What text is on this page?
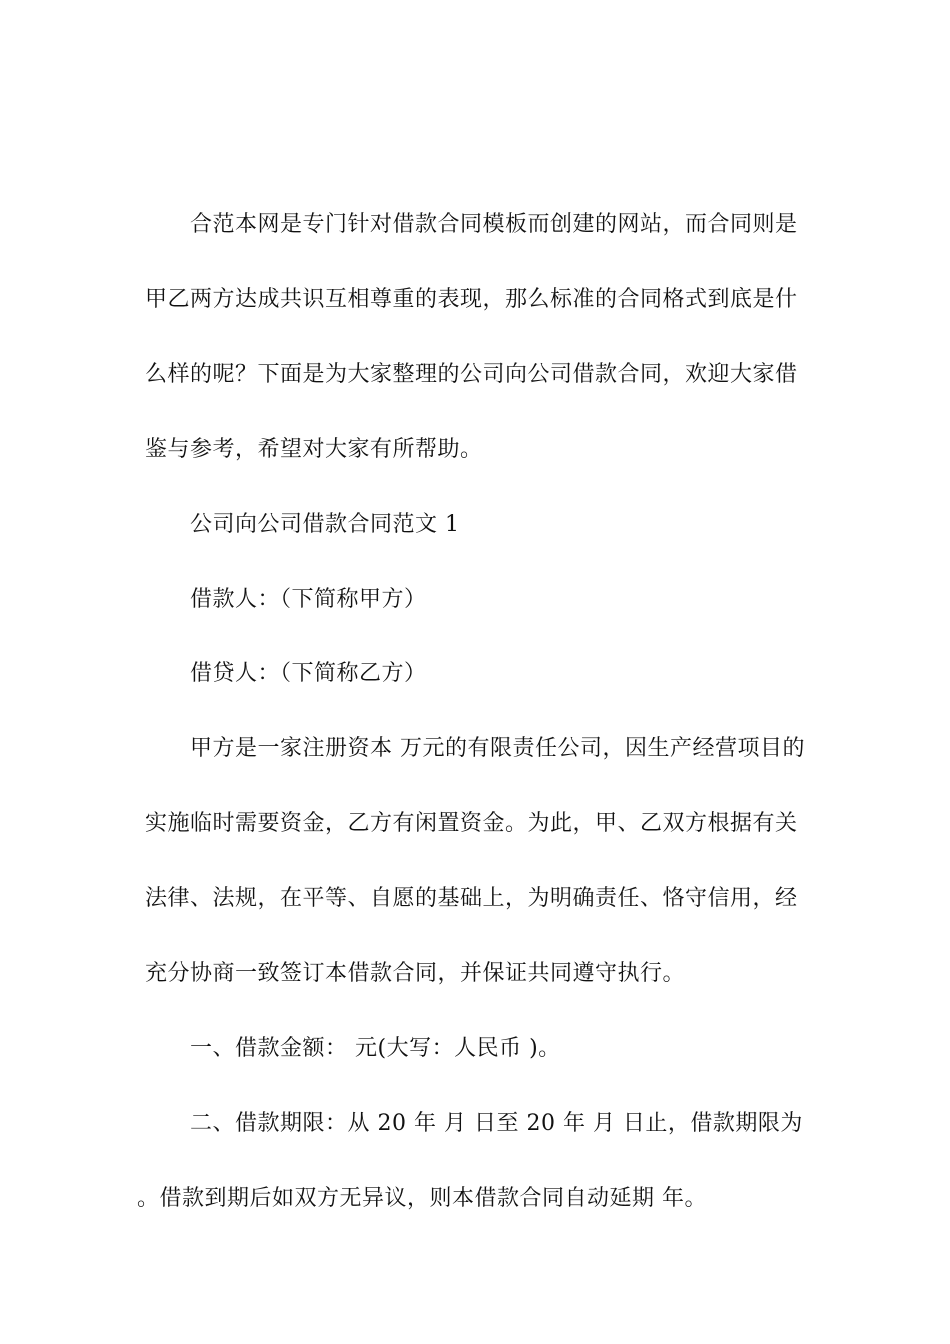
合范本网是专门针对借款合同模板而创建的网站，而合同则是
甲乙两方达成共识互相尊重的表现，那么标准的合同格式到底是什
么样的呢？下面是为大家整理的公司向公司借款合同，欢迎大家借
鉴与参考，希望对大家有所帮助。
公司向公司借款合同范文 1
借款人：（下简称甲方）
借贷人：（下简称乙方）
甲方是一家注册资本 万元的有限责任公司，因生产经营项目的
实施临时需要资金，乙方有闲置资金。为此，甲、乙双方根据有关
法律、法规，在平等、自愿的基础上，为明确责任、恪守信用，经
充分协商一致签订本借款合同，并保证共同遵守执行。
一、借款金额： 元(大写：人民币 )。
二、借款期限：从 20 年 月 日至 20 年 月 日止，借款期限为
。借款到期后如双方无异议，则本借款合同自动延期 年。
